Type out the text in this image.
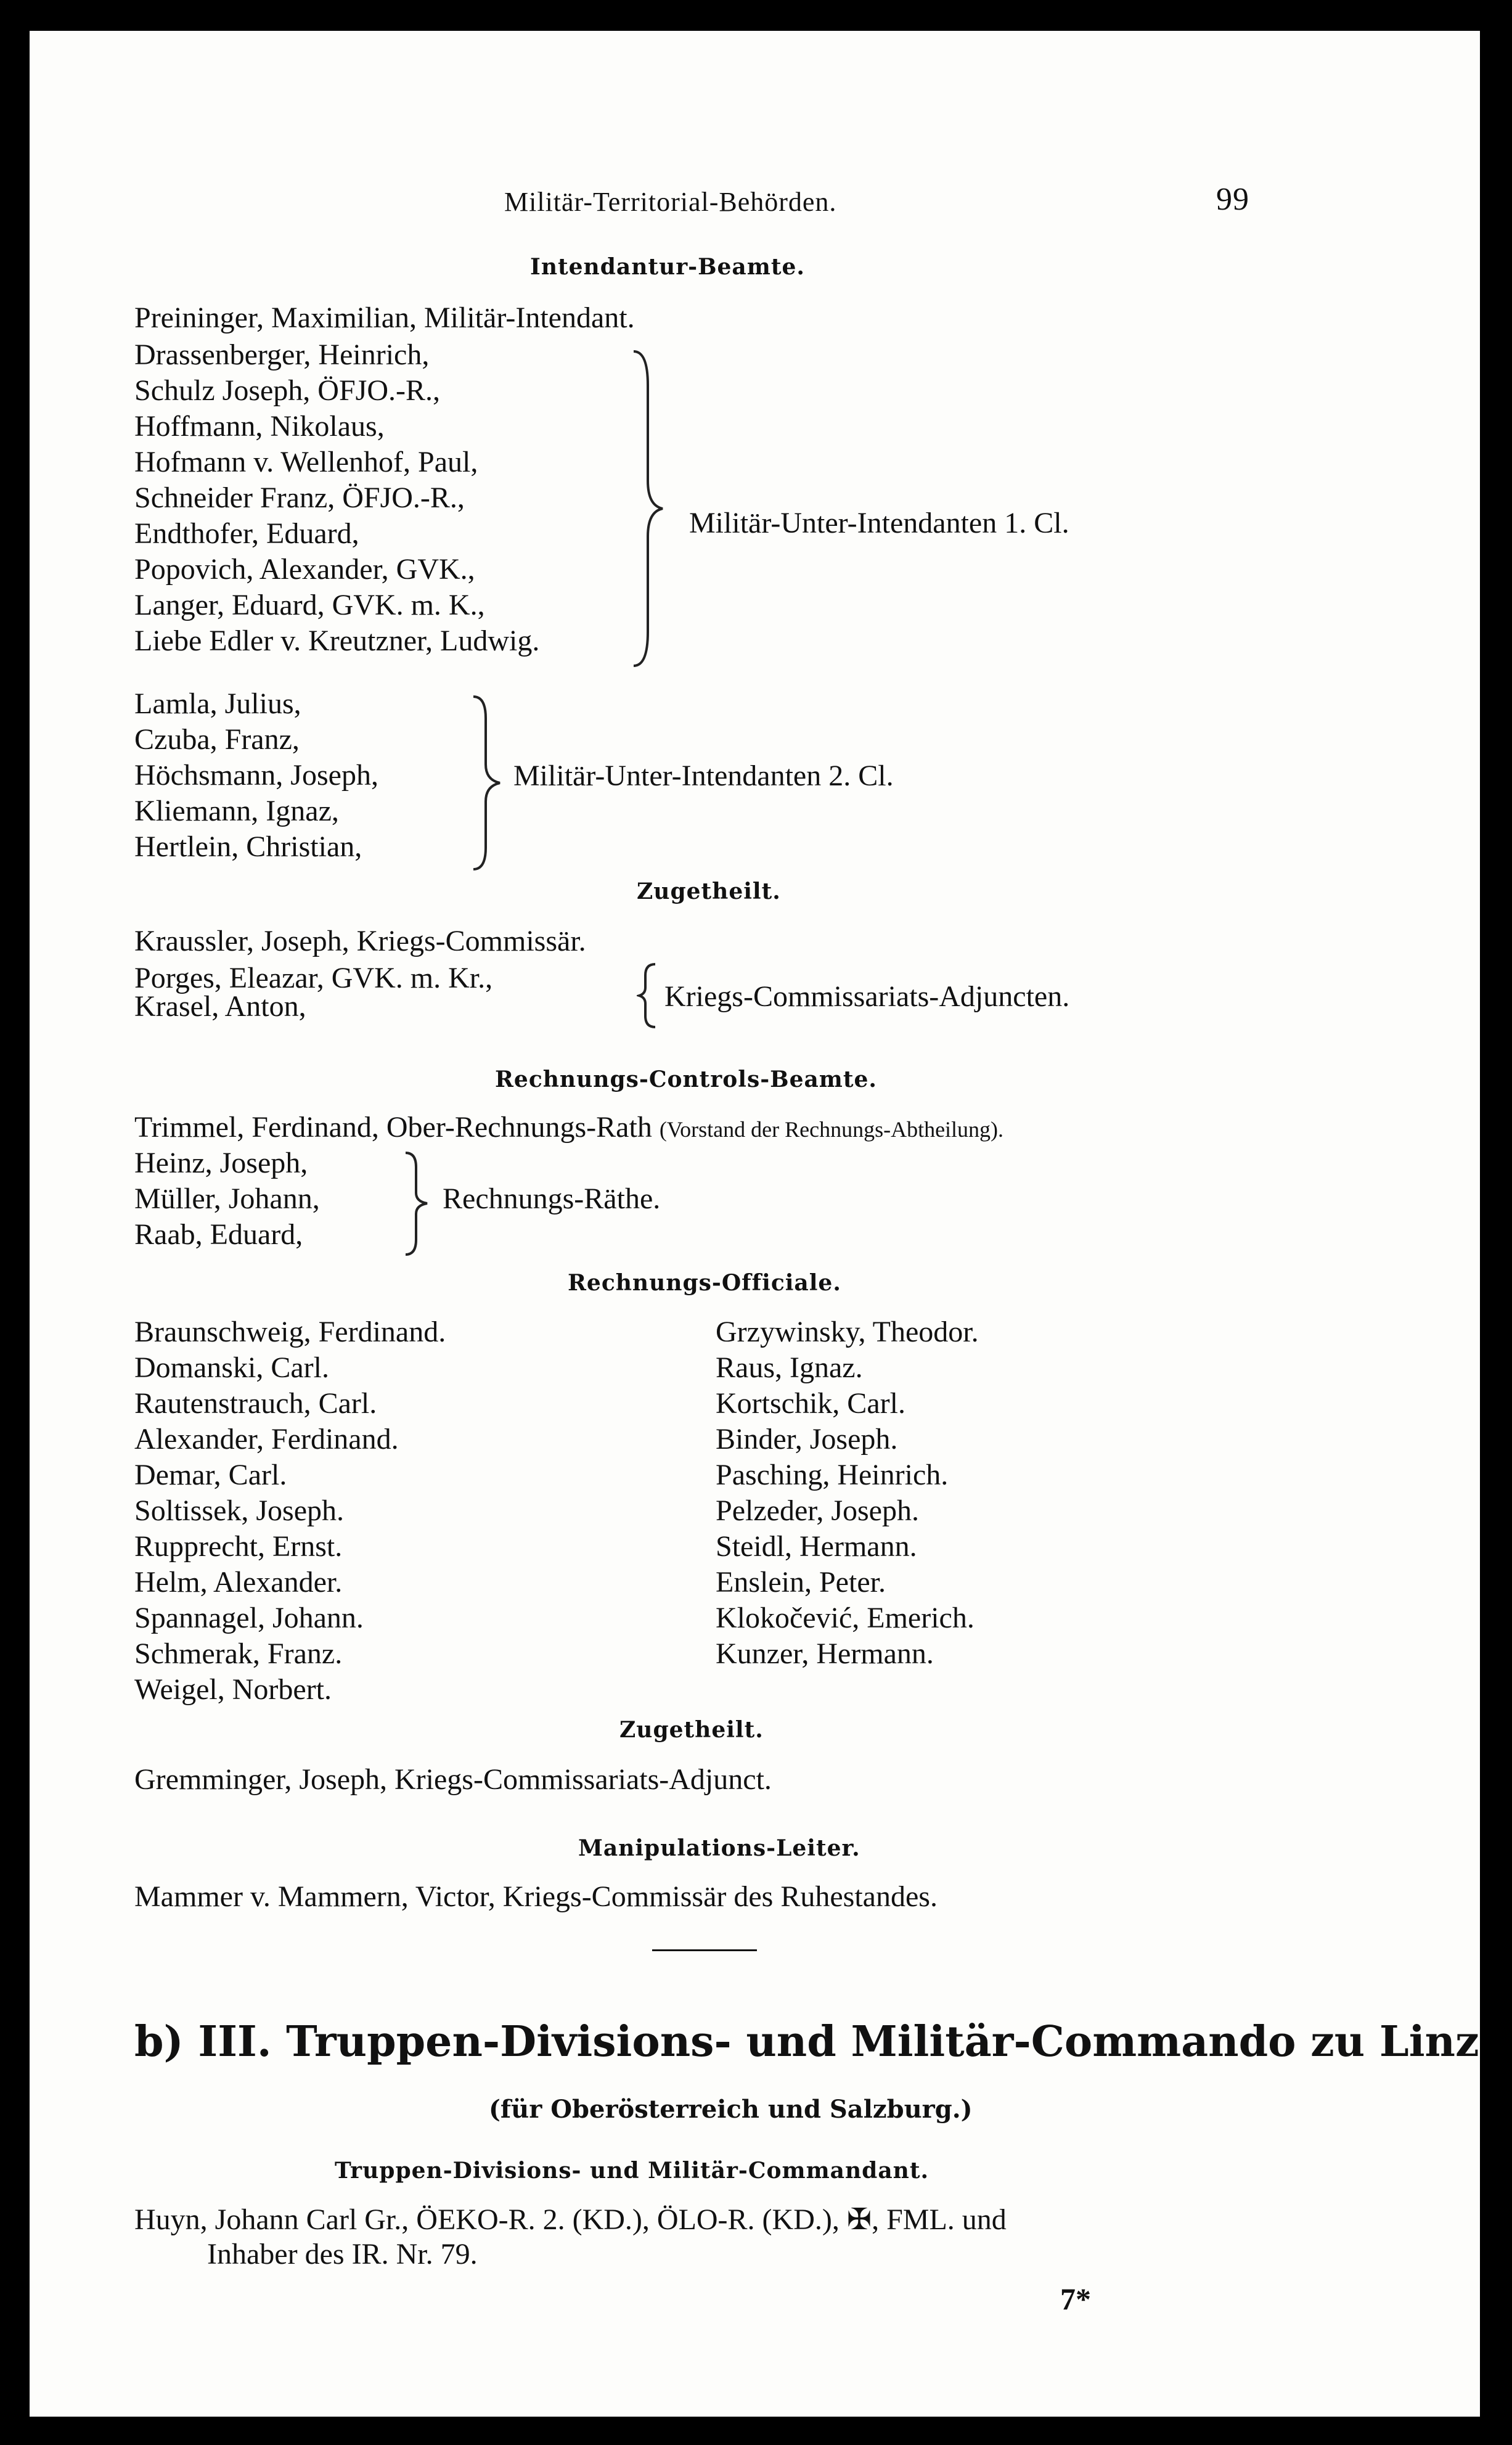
Militär-Territorial-Behörden.	99
Intendantur-Beamte.
Preininger, Maximilian, Militär-Intendant.
Drassenberger, Heinrich,
Schulz Joseph, ÖFJO.-R.,
Hoffmann, Nikolaus,
Hofmann v. Wellenhof, Paul,
Schneider Franz, ÖFJO.-R.,
Endthofer, Eduard,
Popovich, Alexander, GVK.,
Langer, Eduard, GVK. m. K.,
Liebe Edler v. Kreutzner, Ludwig.
Militär-Unter-Intendanten 1. Cl.
Lamla, Julius,
Czuba, Franz,
Höchsmann, Joseph,
Kliemann, Ignaz,
Hertlein, Christian,
Militär-Unter-Intendanten 2. Cl.
Zugetheilt.
Kraussler, Joseph, Kriegs-Commissär.
Porges, Eleazar, GVK. m. Kr.,
Krasel, Anton,	Kriegs-Commissariats-Adjuncten.
Rechnungs-Controls-Beamte.
Trimmel, Ferdinand, Ober-Rechnungs-Rath (Vorstand der Rechnungs-Abtheilung).
Heinz, Joseph,
Müller, Johann,
Raab, Eduard,
Rechnungs-Räthe.
Rechnungs-Officiale.
Braunschweig, Ferdinand.
Domanski, Carl.
Rautenstrauch, Carl.
Alexander, Ferdinand.
Demar, Carl.
Soltissek, Joseph.
Rupprecht, Ernst.
Helm, Alexander.
Spannagel, Johann.
Schmerak, Franz.
Weigel, Norbert.
Grzywinsky, Theodor.
Raus, Ignaz.
Kortschik, Carl.
Binder, Joseph.
Pasching, Heinrich.
Pelzeder, Joseph.
Steidl, Hermann.
Enslein, Peter.
Klokočević, Emerich.
Kunzer, Hermann.
Zugetheilt.
Gremminger, Joseph, Kriegs-Commissariats-Adjunct.
Manipulations-Leiter.
Mammer v. Mammern, Victor, Kriegs-Commissär des Ruhestandes.
b) III. Truppen-Divisions- und Militär-Commando zu Linz
(für Oberösterreich und Salzburg.)
Truppen-Divisions- und Militär-Commandant.
Huyn, Johann Carl Gr., ÖEKO-R. 2. (KD.), ÖLO-R. (KD.), ✠, FML. und
Inhaber des IR. Nr. 79.
7*
